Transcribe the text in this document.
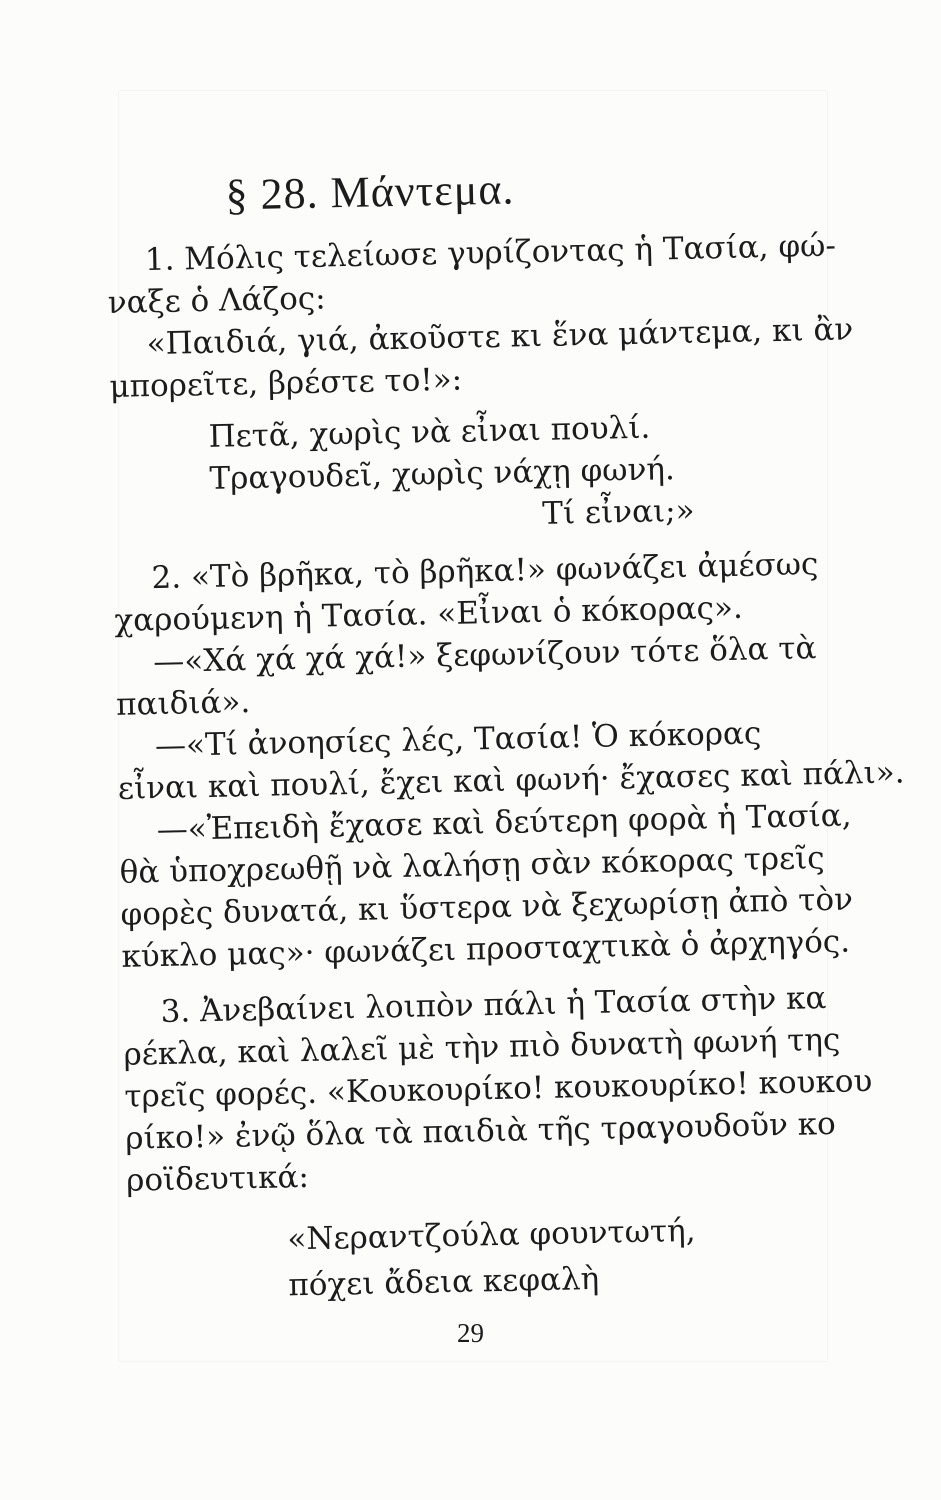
§ 28. Μάντεμα.
1. Μόλις τελείωσε γυρίζοντας ἡ Τασία, φώ-
ναξε ὁ Λάζος:
«Παιδιά, γιά, ἀκοῦστε κι ἕνα μάντεμα, κι ἂν
μπορεῖτε, βρέστε το!»:
Πετᾶ, χωρὶς νὰ εἶναι πουλί.
Τραγουδεῖ, χωρὶς νάχῃ φωνή.
Τί εἶναι;»
2. «Τὸ βρῆκα, τὸ βρῆκα!» φωνάζει ἀμέσως
χαρούμενη ἡ Τασία. «Εἶναι ὁ κόκορας».
—«Χά χά χά χά!» ξεφωνίζουν τότε ὅλα τὰ
παιδιά».
—«Τί ἀνοησίες λές, Τασία! Ὁ κόκορας
εἶναι καὶ πουλί, ἔχει καὶ φωνή· ἔχασες καὶ πάλι».
—«Ἐπειδὴ ἔχασε καὶ δεύτερη φορὰ ἡ Τασία,
θὰ ὑποχρεωθῇ νὰ λαλήσῃ σὰν κόκορας τρεῖς
φορὲς δυνατά, κι ὕστερα νὰ ξεχωρίσῃ ἀπὸ τὸν
κύκλο μας»· φωνάζει προσταχτικὰ ὁ ἀρχηγός.
3. Ἀνεβαίνει λοιπὸν πάλι ἡ Τασία στὴν κα
ρέκλα, καὶ λαλεῖ μὲ τὴν πιὸ δυνατὴ φωνή της
τρεῖς φορές. «Κουκουρίκο! κουκουρίκο! κουκου
ρίκο!» ἐνῷ ὅλα τὰ παιδιὰ τῆς τραγουδοῦν κο
ροϊδευτικά:
«Νεραντζούλα φουντωτή,
πόχει ἄδεια κεφαλὴ
29
